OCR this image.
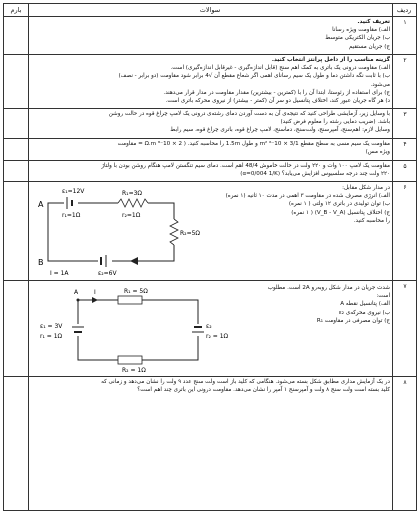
بارم	سوالات	ردیف
۱
تعریف کنید.
الف) مقاومت ویژه رسانا
ب) جریان الکتریکی متوسط
ج) جریان مستقیم
۲
گزینه مناسب را از داخل پرانتز انتخاب کنید.
الف) مقاومت درونی یک باتری به کمک اهم سنج (قابل اندازه‌گیری - غیرقابل اندازه‌گیری) است.
ب) با ثابت نگه داشتن دما و طول یک سیم رسانای اهمی اگر شعاع مقطع آن √4 برابر شود مقاومت (دو برابر - نصف)
می‌شود.
ج) برای استفاده از رئوستا، ابتدا آن را با (کمترین - بیشترین) مقدار مقاومت در مدار قرار می‌دهند.
د) هر گاه جریان عبور کند، اختلاف پتانسیل دو سر آن (کمتر - بیشتر) از نیروی محرکه باتری است.
۳
با وسایل زیر، آزمایشی طراحی کنید که نتیجه‌ی آن به دست آوردن دمای رشته‌ی درونی یک لامپ چراغ قوه در حالت روشن
باشد. (ضریب دمایی رشته را معلوم فرض کنید)
وسایل لازم: اهم‌سنج، آمپرسنج، ولت‌سنج، دماسنج، لامپ چراغ قوه، باتری چراغ قوه، سیم رابط
۴
مقاومت یک سیم مسی به سطح مقطع 3/1 × 10⁻⁶ m² و طول 1.5m را محاسبه کنید. ( 2 × 10⁻⁸ Ω.m = مقاومت
ویژه مس)
۵
مقاومت یک لامپ ۱۰۰ وات و ۲۲۰ ولت در حالت خاموش 48/4 اهم است. دمای سیم تنگستن لامپ هنگام روشن بودن با ولتاژ
۲۲۰ ولت چند درجه سلسیوس افزایش می‌یابد؟ (α=0/004 1/K)
۶
در مدار شکل مقابل:
الف) انرژی مصرف شده در مقاومت ۳ اهمی در مدت ۱۰ ثانیه (۱ نمره)
ب) توان تولیدی در باتری ۱۲ ولتی ( ۱ نمره)
ج) اختلاف پتانسیل (V_B - V_A) ( ۱ نمره)
را محاسبه کنید.
ε₁=12V
r₁=1Ω
R₁=3Ω
r₂=1Ω
R₂=5Ω
ε₂=6V
I = 1A
A
B
۷
شدت جریان در مدار شکل روبه‌رو 2A است. مطلوب
است:
الف) پتانسیل نقطه A
ب) نیروی محرکه‌ی ε₂
ج) توان مصرفی در مقاومت R₁
A	I	R₁ = 5Ω
R₂ = 1Ω
ε₁ = 3V
r₁ = 1Ω
ε₂
r₂ = 1Ω
۸
در یک آزمایش مداری مطابق شکل بسته می‌شود. هنگامی که کلید باز است ولت سنج عدد ۹ ولت را نشان می‌دهد و زمانی که
کلید بسته است ولت سنج ۸ ولت و آمپرسنج ۱ آمپر را نشان می‌دهد. مقاومت درونی این باتری چند اهم است؟
